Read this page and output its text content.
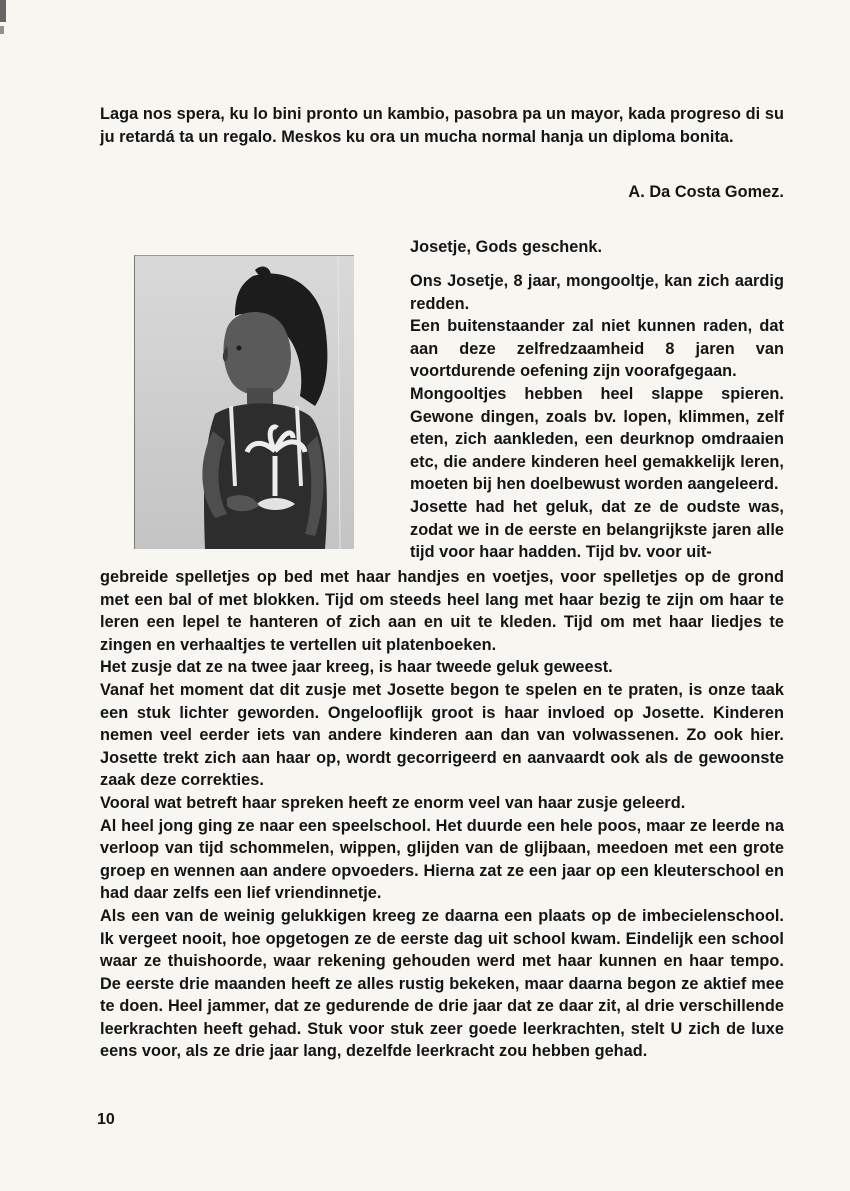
Laga nos spera, ku lo bini pronto un kambio, pasobra pa un mayor, kada progreso di su ju retardá ta un regalo. Meskos ku ora un mucha normal hanja un diploma bonita.
A. Da Costa Gomez.
Josetje, Gods geschenk.

Ons Josetje, 8 jaar, mongooltje, kan zich aardig redden.

Een buitenstaander zal niet kunnen raden, dat aan deze zelfredzaamheid 8 jaren van voortdurende oefening zijn voorafgegaan.

Mongooltjes hebben heel slappe spieren. Gewone dingen, zoals bv. lopen, klimmen, zelf eten, zich aankleden, een deurknop omdraaien etc, die andere kinderen heel gemakkelijk leren, moeten bij hen doelbewust worden aangeleerd.

Josette had het geluk, dat ze de oudste was, zodat we in de eerste en belangrijkste jaren alle tijd voor haar hadden. Tijd bv. voor uit-

gebreide spelletjes op bed met haar handjes en voetjes, voor spelletjes op de grond met een bal of met blokken. Tijd om steeds heel lang met haar bezig te zijn om haar te leren een lepel te hanteren of zich aan en uit te kleden. Tijd om met haar liedjes te zingen en verhaaltjes te vertellen uit platenboeken.

Het zusje dat ze na twee jaar kreeg, is haar tweede geluk geweest.

Vanaf het moment dat dit zusje met Josette begon te spelen en te praten, is onze taak een stuk lichter geworden. Ongelooflijk groot is haar invloed op Josette. Kinderen nemen veel eerder iets van andere kinderen aan dan van volwassenen. Zo ook hier. Josette trekt zich aan haar op, wordt gecorrigeerd en aanvaardt ook als de gewoonste zaak deze correkties.

Vooral wat betreft haar spreken heeft ze enorm veel van haar zusje geleerd.

Al heel jong ging ze naar een speelschool. Het duurde een hele poos, maar ze leerde na verloop van tijd schommelen, wippen, glijden van de glijbaan, meedoen met een grote groep en wennen aan andere opvoeders. Hierna zat ze een jaar op een kleuterschool en had daar zelfs een lief vriendinnetje.

Als een van de weinig gelukkigen kreeg ze daarna een plaats op de imbecielenschool. Ik vergeet nooit, hoe opgetogen ze de eerste dag uit school kwam. Eindelijk een school waar ze thuishoorde, waar rekening gehouden werd met haar kunnen en haar tempo. De eerste drie maanden heeft ze alles rustig bekeken, maar daarna begon ze aktief mee te doen. Heel jammer, dat ze gedurende de drie jaar dat ze daar zit, al drie verschillende leerkrachten heeft gehad. Stuk voor stuk zeer goede leerkrachten, stelt U zich de luxe eens voor, als ze drie jaar lang, dezelfde leerkracht zou hebben gehad.

10
